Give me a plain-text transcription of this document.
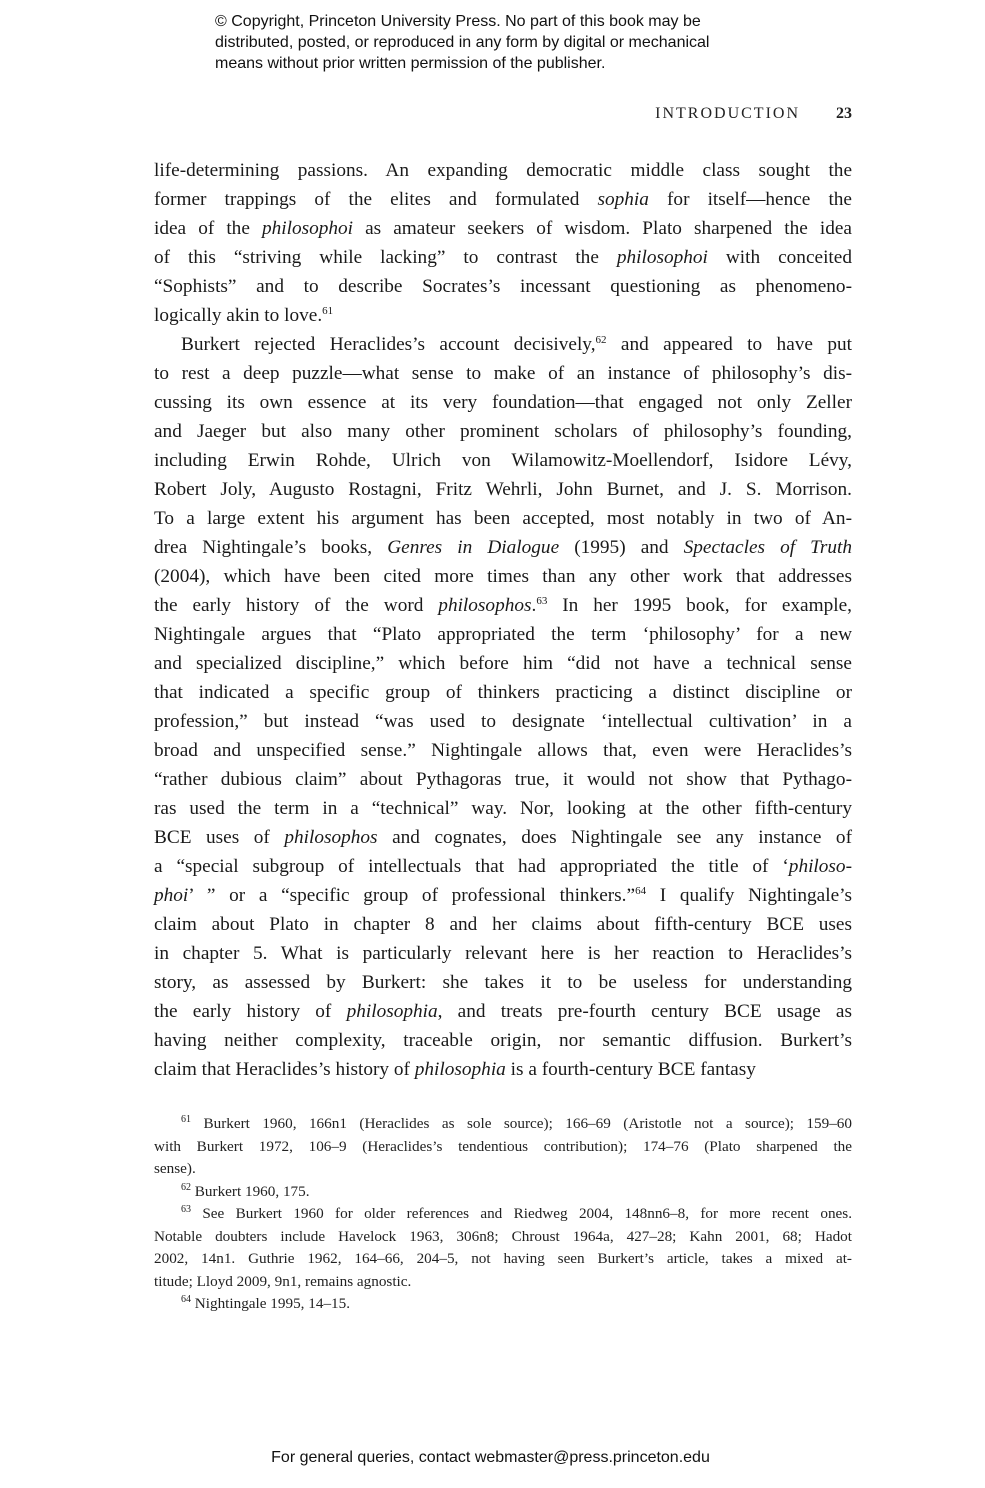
© Copyright, Princeton University Press. No part of this book may be
distributed, posted, or reproduced in any form by digital or mechanical
means without prior written permission of the publisher.
INTRODUCTION 23
life-determining passions. An expanding democratic middle class sought the
former trappings of the elites and formulated sophia for itself—hence the
idea of the philosophoi as amateur seekers of wisdom. Plato sharpened the idea
of this “striving while lacking” to contrast the philosophoi with conceited
“Sophists” and to describe Socrates’s incessant questioning as phenomeno-
logically akin to love.$^{61}$
Burkert rejected Heraclides’s account decisively,$^{62}$ and appeared to have put
to rest a deep puzzle—what sense to make of an instance of philosophy’s dis-
cussing its own essence at its very foundation—that engaged not only Zeller
and Jaeger but also many other prominent scholars of philosophy’s founding,
including Erwin Rohde, Ulrich von Wilamowitz-Moellendorf, Isidore Lévy,
Robert Joly, Augusto Rostagni, Fritz Wehrli, John Burnet, and J. S. Morrison.
To a large extent his argument has been accepted, most notably in two of An-
drea Nightingale’s books, Genres in Dialogue (1995) and Spectacles of Truth
(2004), which have been cited more times than any other work that addresses
the early history of the word philosophos.$^{63}$ In her 1995 book, for example,
Nightingale argues that “Plato appropriated the term ‘philosophy’ for a new
and specialized discipline,” which before him “did not have a technical sense
that indicated a specific group of thinkers practicing a distinct discipline or
profession,” but instead “was used to designate ‘intellectual cultivation’ in a
broad and unspecified sense.” Nightingale allows that, even were Heraclides’s
“rather dubious claim” about Pythagoras true, it would not show that Pythago-
ras used the term in a “technical” way. Nor, looking at the other fifth-century
BCE uses of philosophos and cognates, does Nightingale see any instance of
a “special subgroup of intellectuals that had appropriated the title of ‘philoso-
phoi’ ” or a “specific group of professional thinkers.”$^{64}$ I qualify Nightingale’s
claim about Plato in chapter 8 and her claims about fifth-century BCE uses
in chapter 5. What is particularly relevant here is her reaction to Heraclides’s
story, as assessed by Burkert: she takes it to be useless for understanding
the early history of philosophia, and treats pre-fourth century BCE usage as
having neither complexity, traceable origin, nor semantic diffusion. Burkert’s
claim that Heraclides’s history of philosophia is a fourth-century BCE fantasy
$^{61}$ Burkert 1960, 166n1 (Heraclides as sole source); 166–69 (Aristotle not a source); 159–60
with Burkert 1972, 106–9 (Heraclides’s tendentious contribution); 174–76 (Plato sharpened the
sense).
$^{62}$ Burkert 1960, 175.
$^{63}$ See Burkert 1960 for older references and Riedweg 2004, 148nn6–8, for more recent ones.
Notable doubters include Havelock 1963, 306n8; Chroust 1964a, 427–28; Kahn 2001, 68; Hadot
2002, 14n1. Guthrie 1962, 164–66, 204–5, not having seen Burkert’s article, takes a mixed at-
titude; Lloyd 2009, 9n1, remains agnostic.
$^{64}$ Nightingale 1995, 14–15.
For general queries, contact webmaster@press.princeton.edu
